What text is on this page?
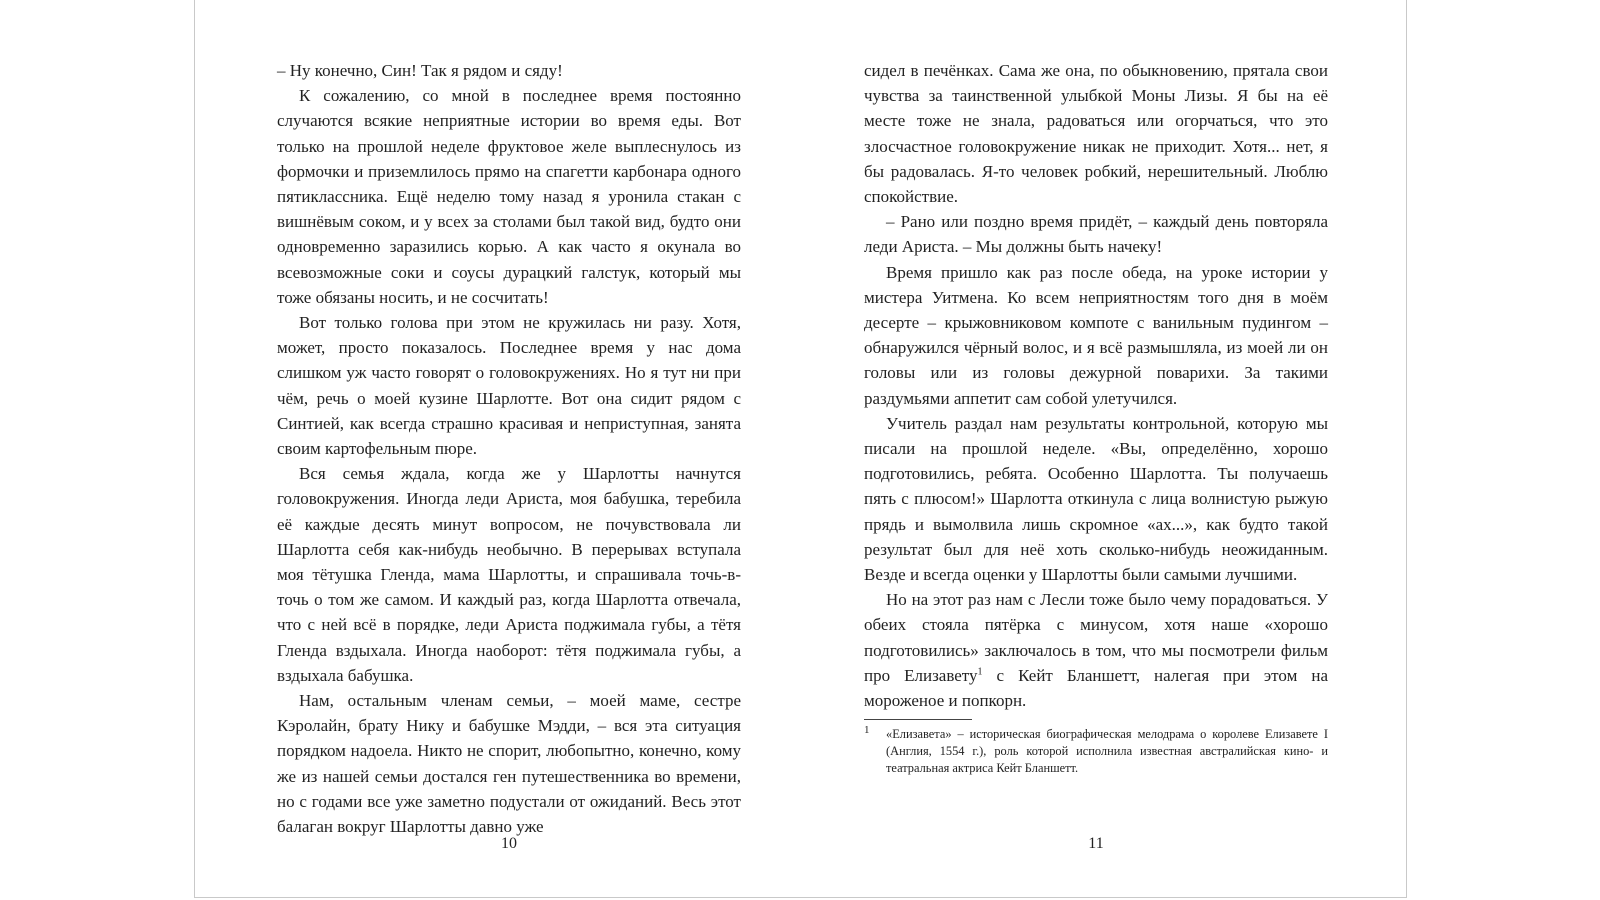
– Ну конечно, Син! Так я рядом и сяду!

К сожалению, со мной в последнее время постоянно случаются всякие неприятные истории во время еды. Вот только на прошлой неделе фруктовое желе выплеснулось из формочки и приземлилось прямо на спагетти карбонара одного пятиклассника. Ещё неделю тому назад я уронила стакан с вишнёвым соком, и у всех за столами был такой вид, будто они одновременно заразились корью. А как часто я окунала во всевозможные соки и соусы дурацкий галстук, который мы тоже обязаны носить, и не сосчитать!

Вот только голова при этом не кружилась ни разу. Хотя, может, просто показалось. Последнее время у нас дома слишком уж часто говорят о головокружениях. Но я тут ни при чём, речь о моей кузине Шарлотте. Вот она сидит рядом с Синтией, как всегда страшно красивая и неприступная, занята своим картофельным пюре.

Вся семья ждала, когда же у Шарлотты начнутся головокружения. Иногда леди Ариста, моя бабушка, теребила её каждые десять минут вопросом, не почувствовала ли Шарлотта себя как-нибудь необычно. В перерывах вступала моя тётушка Гленда, мама Шарлотты, и спрашивала точь-в-точь о том же самом. И каждый раз, когда Шарлотта отвечала, что с ней всё в порядке, леди Ариста поджимала губы, а тётя Гленда вздыхала. Иногда наоборот: тётя поджимала губы, а вздыхала бабушка.

Нам, остальным членам семьи, – моей маме, сестре Кэролайн, брату Нику и бабушке Мэдди, – вся эта ситуация порядком надоела. Никто не спорит, любопытно, конечно, кому же из нашей семьи достался ген путешественника во времени, но с годами все уже заметно подустали от ожиданий. Весь этот балаган вокруг Шарлотты давно уже

10

сидел в печёнках. Сама же она, по обыкновению, прятала свои чувства за таинственной улыбкой Моны Лизы. Я бы на её месте тоже не знала, радоваться или огорчаться, что это злосчастное головокружение никак не приходит. Хотя... нет, я бы радовалась. Я-то человек робкий, нерешительный. Люблю спокойствие.

– Рано или поздно время придёт, – каждый день повторяла леди Ариста. – Мы должны быть начеку!

Время пришло как раз после обеда, на уроке истории у мистера Уитмена. Ко всем неприятностям того дня в моём десерте – крыжовниковом компоте с ванильным пудингом – обнаружился чёрный волос, и я всё размышляла, из моей ли он головы или из головы дежурной поварихи. За такими раздумьями аппетит сам собой улетучился.

Учитель раздал нам результаты контрольной, которую мы писали на прошлой неделе. «Вы, определённо, хорошо подготовились, ребята. Особенно Шарлотта. Ты получаешь пять с плюсом!» Шарлотта откинула с лица волнистую рыжую прядь и вымолвила лишь скромное «ах...», как будто такой результат был для неё хоть сколько-нибудь неожиданным. Везде и всегда оценки у Шарлотты были самыми лучшими.

Но на этот раз нам с Лесли тоже было чему порадоваться. У обеих стояла пятёрка с минусом, хотя наше «хорошо подготовились» заключалось в том, что мы посмотрели фильм про Елизавету$^1$ с Кейт Бланшетт, налегая при этом на мороженое и попкорн.

1 «Елизавета» – историческая биографическая мелодрама о королеве Елизавете I (Англия, 1554 г.), роль которой исполнила известная австралийская кино- и театральная актриса Кейт Бланшетт.
11
